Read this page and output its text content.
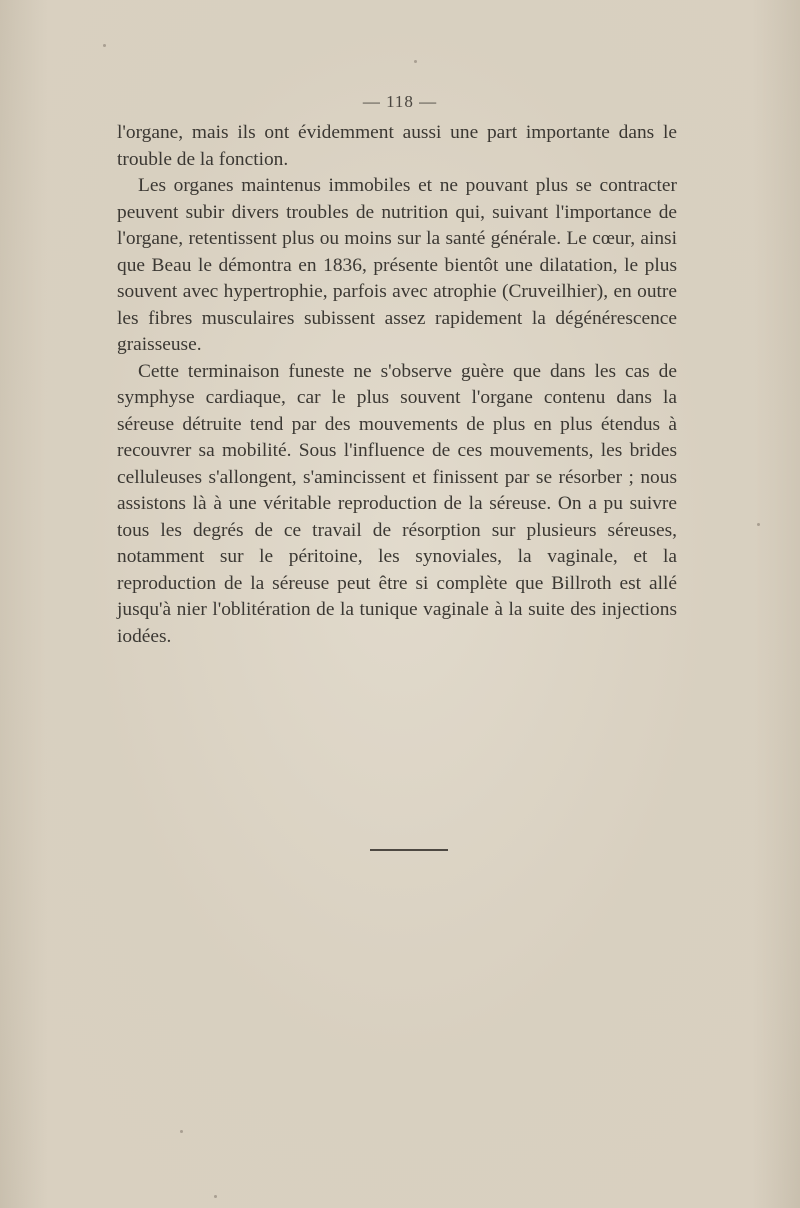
— 118 —

l'organe, mais ils ont évidemment aussi une part importante dans le trouble de la fonction.

Les organes maintenus immobiles et ne pouvant plus se contracter peuvent subir divers troubles de nutrition qui, suivant l'importance de l'organe, retentissent plus ou moins sur la santé générale. Le cœur, ainsi que Beau le démontra en 1836, présente bientôt une dilatation, le plus souvent avec hypertrophie, parfois avec atrophie (Cruveilhier), en outre les fibres musculaires subissent assez rapidement la dégénérescence graisseuse.

Cette terminaison funeste ne s'observe guère que dans les cas de symphyse cardiaque, car le plus souvent l'organe contenu dans la séreuse détruite tend par des mouvements de plus en plus étendus à recouvrer sa mobilité. Sous l'influence de ces mouvements, les brides celluleuses s'allongent, s'amincissent et finissent par se résorber ; nous assistons là à une véritable reproduction de la séreuse. On a pu suivre tous les degrés de ce travail de résorption sur plusieurs séreuses, notamment sur le péritoine, les synoviales, la vaginale, et la reproduction de la séreuse peut être si complète que Billroth est allé jusqu'à nier l'oblitération de la tunique vaginale à la suite des injections iodées.
